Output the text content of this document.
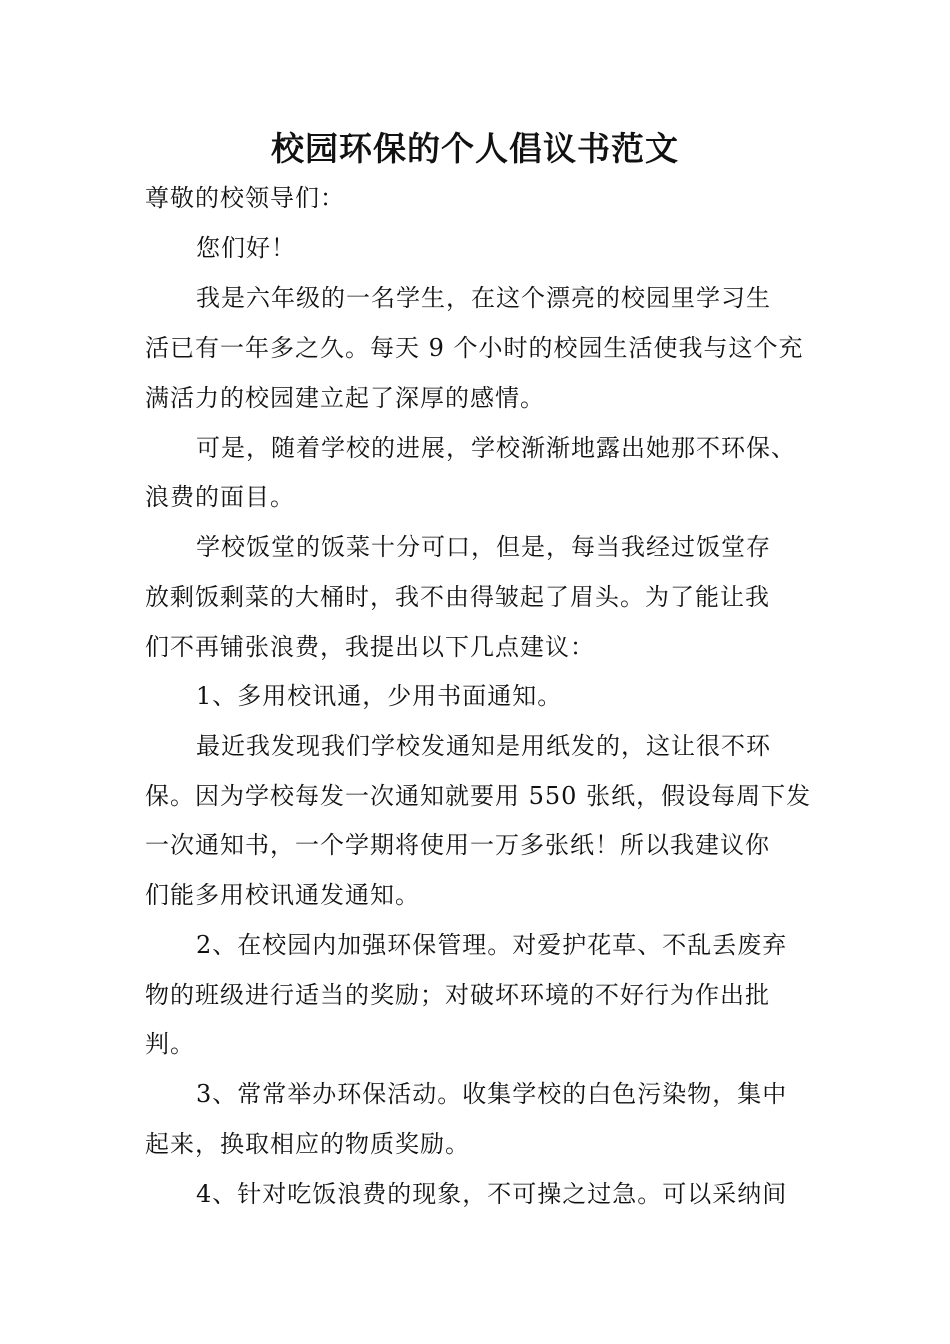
校园环保的个人倡议书范文
尊敬的校领导们：
您们好！
我是六年级的一名学生，在这个漂亮的校园里学习生
活已有一年多之久。每天 9 个小时的校园生活使我与这个充
满活力的校园建立起了深厚的感情。
可是，随着学校的进展，学校渐渐地露出她那不环保、
浪费的面目。
学校饭堂的饭菜十分可口，但是，每当我经过饭堂存
放剩饭剩菜的大桶时，我不由得皱起了眉头。为了能让我
们不再铺张浪费，我提出以下几点建议：
1、多用校讯通，少用书面通知。
最近我发现我们学校发通知是用纸发的，这让很不环
保。因为学校每发一次通知就要用 550 张纸，假设每周下发
一次通知书，一个学期将使用一万多张纸！所以我建议你
们能多用校讯通发通知。
2、在校园内加强环保管理。对爱护花草、不乱丢废弃
物的班级进行适当的奖励；对破坏环境的不好行为作出批
判。
3、常常举办环保活动。收集学校的白色污染物，集中
起来，换取相应的物质奖励。
4、针对吃饭浪费的现象，不可操之过急。可以采纳间
